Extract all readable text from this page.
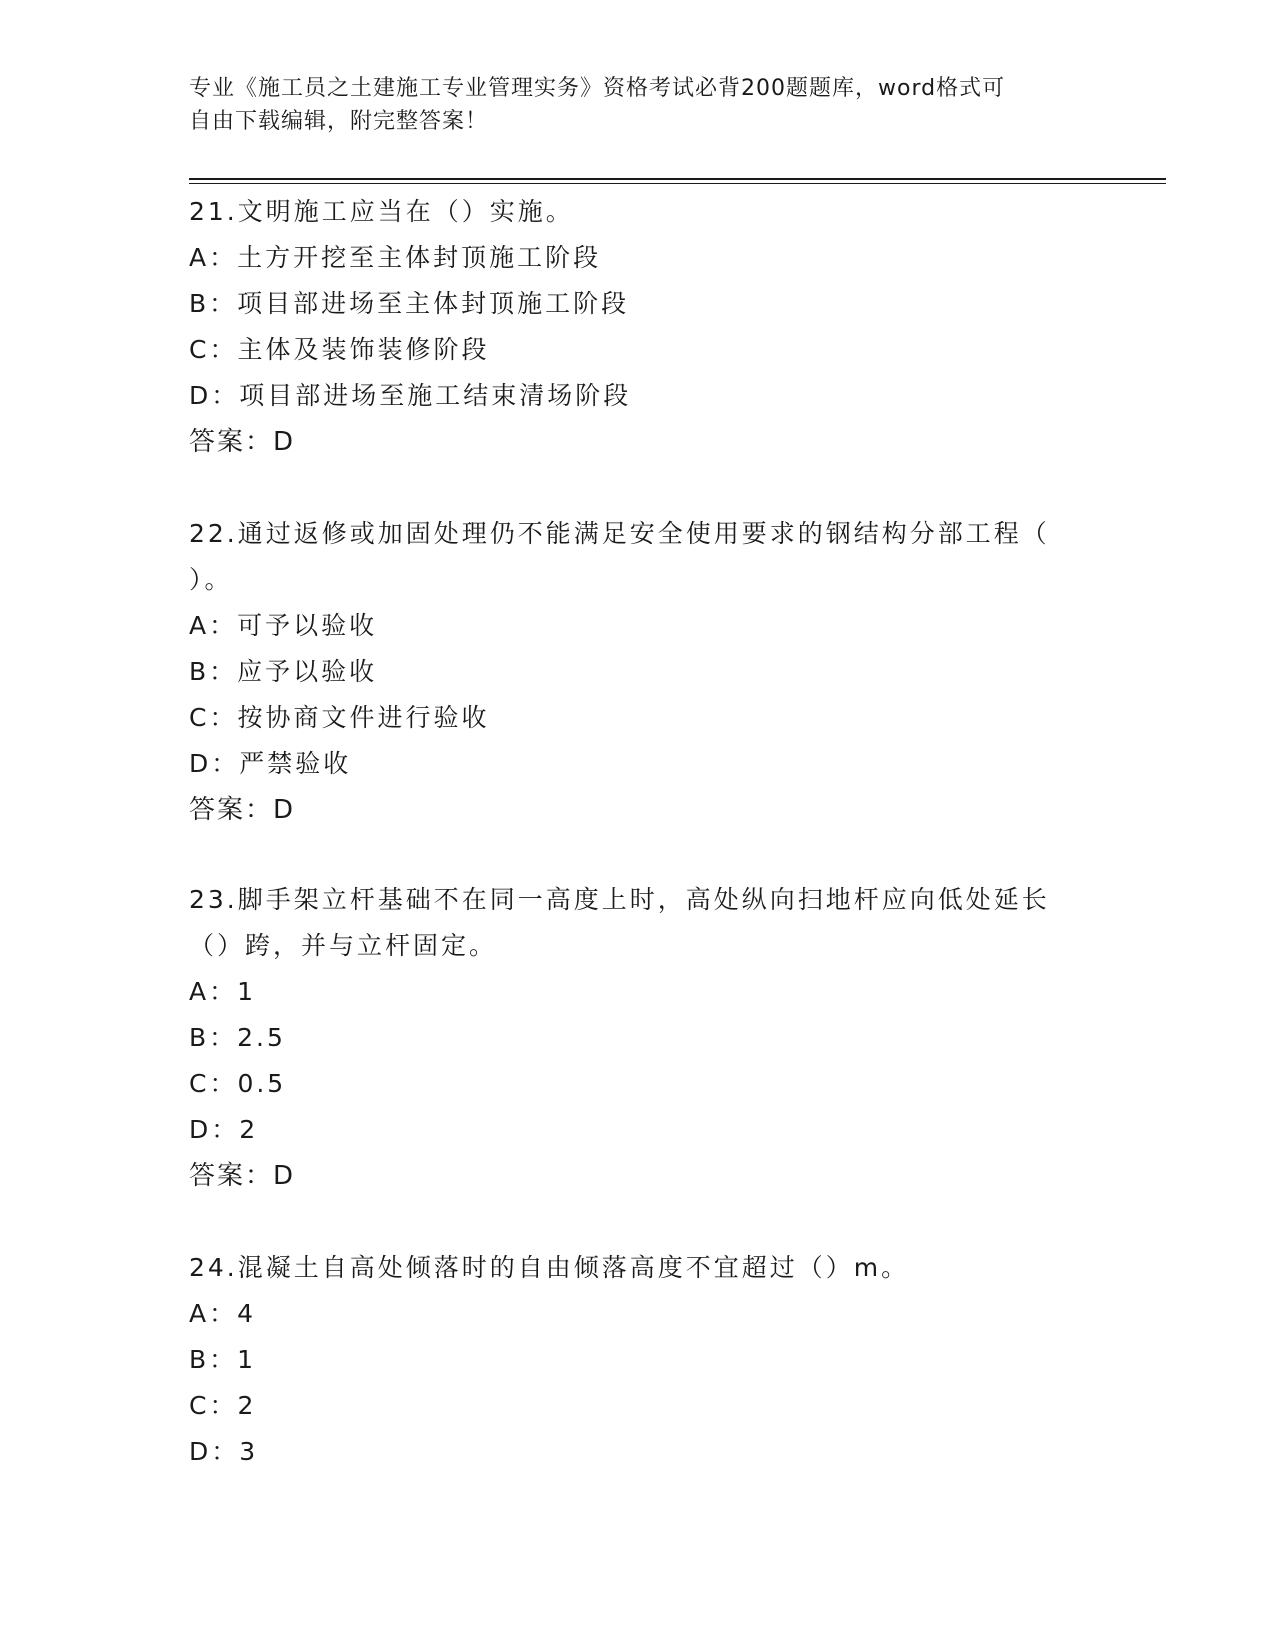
专业《施工员之土建施工专业管理实务》资格考试必背200题题库，word格式可
自由下载编辑，附完整答案！
21.文明施工应当在（）实施。
A：土方开挖至主体封顶施工阶段
B：项目部进场至主体封顶施工阶段
C：主体及装饰装修阶段
D：项目部进场至施工结束清场阶段
答案：D
22.通过返修或加固处理仍不能满足安全使用要求的钢结构分部工程（
）。
A：可予以验收
B：应予以验收
C：按协商文件进行验收
D：严禁验收
答案：D
23.脚手架立杆基础不在同一高度上时，高处纵向扫地杆应向低处延长
（）跨，并与立杆固定。
A：1
B：2.5
C：0.5
D：2
答案：D
24.混凝土自高处倾落时的自由倾落高度不宜超过（）m。
A：4
B：1
C：2
D：3
